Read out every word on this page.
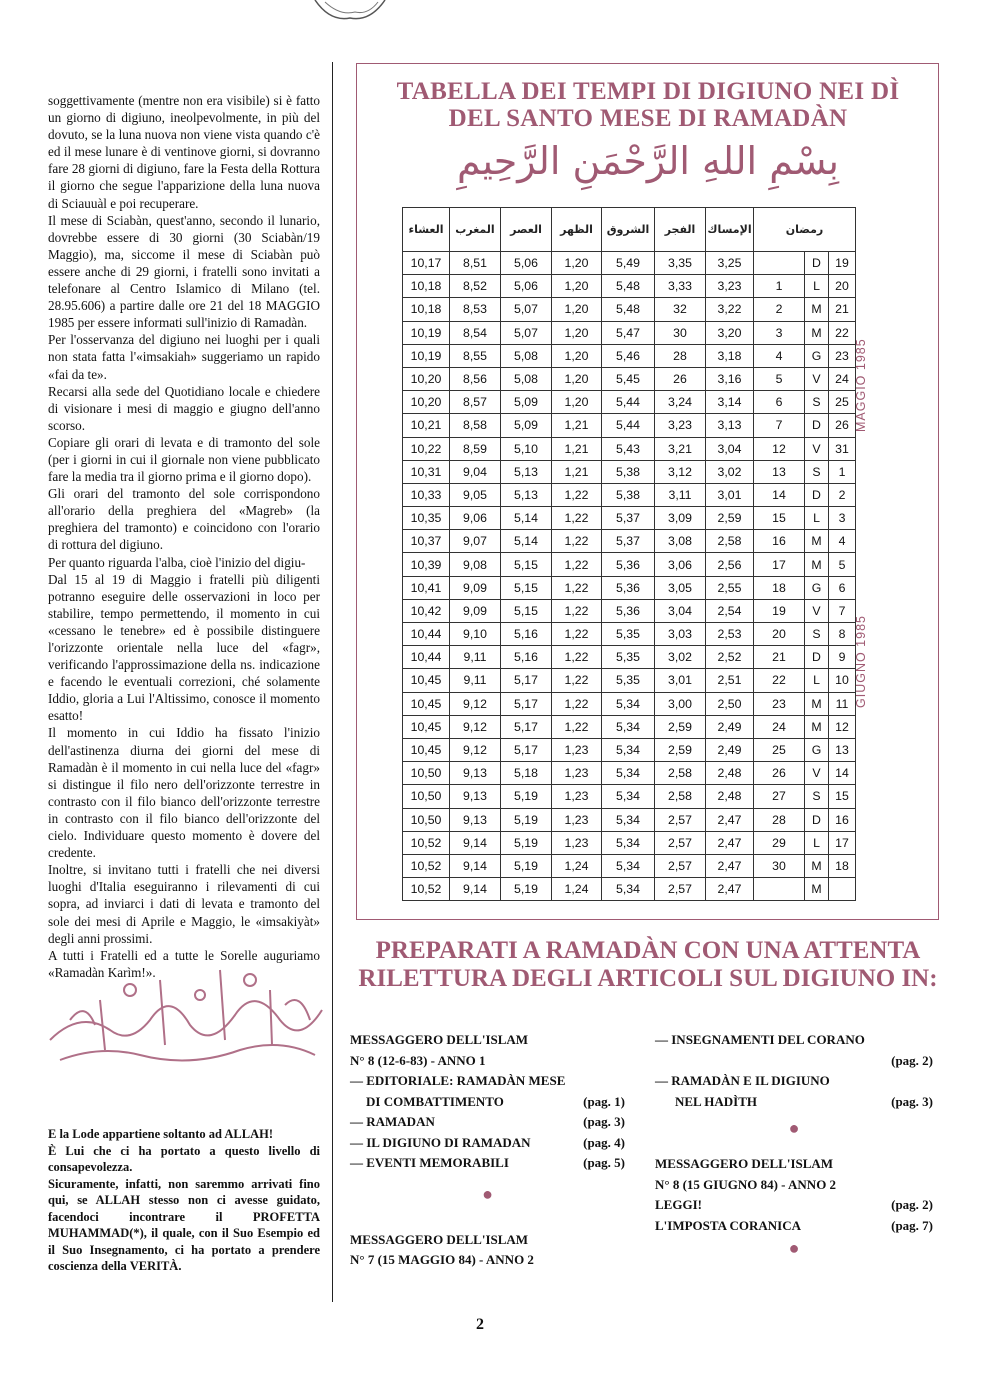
soggettivamente (mentre non era visibile) si è fatto un giorno di digiuno, ineolpevolmente, in più del dovuto, se la luna nuova non viene vista quando c'è ed il mese lunare è di ventinove giorni, si dovranno fare 28 giorni di digiuno, fare la Festa della Rottura il giorno che segue l'apparizione della luna nuova di Sciauuàl e poi recuperare.

Il mese di Sciabàn, quest'anno, secondo il lunario, dovrebbe essere di 30 giorni (30 Sciabàn/19 Maggio), ma, siccome il mese di Sciabàn può essere anche di 29 giorni, i fratelli sono invitati a telefonare al Centro Islamico di Milano (tel. 28.95.606) a partire dalle ore 21 del 18 MAGGIO 1985 per essere informati sull'inizio di Ramadàn.

Per l'osservanza del digiuno nei luoghi per i quali non stata fatta l'«imsakiah» suggeriamo un rapido «fai da te».

Recarsi alla sede del Quotidiano locale e chiedere di visionare i mesi di maggio e giugno dell'anno scorso.

Copiare gli orari di levata e di tramonto del sole (per i giorni in cui il giornale non viene pubblicato fare la media tra il giorno prima e il giorno dopo).

Gli orari del tramonto del sole corrispondono all'orario della preghiera del «Magreb» (la preghiera del tramonto) e coincidono con l'orario di rottura del digiuno.

Per quanto riguarda l'alba, cioè l'inizio del digiu-

Dal 15 al 19 di Maggio i fratelli più diligenti potranno eseguire delle osservazioni in loco per stabilire, tempo permettendo, il momento in cui «cessano le tenebre» ed è possibile distinguere l'orizzonte orientale nella luce del «fagr», verificando l'approssimazione della ns. indicazione e facendo le eventuali correzioni, ché solamente Iddio, gloria a Lui l'Altissimo, conosce il momento esatto!

Il momento in cui Iddio ha fissato l'inizio dell'astinenza diurna dei giorni del mese di Ramadàn è il momento in cui nella luce del «fagr» si distingue il filo nero dell'orizzonte terrestre in contrasto con il filo bianco dell'orizzonte terrestre in contrasto con il filo bianco dell'orizzonte del cielo. Individuare questo momento è dovere del credente.

Inoltre, si invitano tutti i fratelli che nei diversi luoghi d'Italia eseguiranno i rilevamenti di cui sopra, ad inviarci i dati di levata e tramonto del sole dei mesi di Aprile e Maggio, le «imsakiyàt» degli anni prossimi.

A tutti i Fratelli ed a tutte le Sorelle auguriamo «Ramadàn Karìm!».

E la Lode appartiene soltanto ad ALLAH!

È Lui che ci ha portato a questo livello di consapevolezza.

Sicuramente, infatti, non saremmo arrivati fino qui, se ALLAH stesso non ci avesse guidato, facendoci incontrare il PROFETTA MUHAMMAD(*), il quale, con il Suo Esempio ed il Suo Insegnamento, ci ha portato a prendere coscienza della VERITÀ.

TABELLA DEI TEMPI DI DIGIUNO NEI DÌ
DEL SANTO MESE DI RAMADÀN
بِسْمِ اللهِ الرَّحْمَنِ الرَّحِيمِ
العشاء	المغرب	العصر	الظهر	الشروق	الفجر	الإمساك	رمضان		
10,17	8,51	5,06	1,20	5,49	3,35	3,25		D	19
10,18	8,52	5,06	1,20	5,48	3,33	3,23	1	L	20
10,18	8,53	5,07	1,20	5,48	32	3,22	2	M	21
10,19	8,54	5,07	1,20	5,47	30	3,20	3	M	22
10,19	8,55	5,08	1,20	5,46	28	3,18	4	G	23
10,20	8,56	5,08	1,20	5,45	26	3,16	5	V	24
10,20	8,57	5,09	1,20	5,44	3,24	3,14	6	S	25
10,21	8,58	5,09	1,21	5,44	3,23	3,13	7	D	26
10,22	8,59	5,10	1,21	5,43	3,21	3,04	12	V	31
10,31	9,04	5,13	1,21	5,38	3,12	3,02	13	S	1
10,33	9,05	5,13	1,22	5,38	3,11	3,01	14	D	2
10,35	9,06	5,14	1,22	5,37	3,09	2,59	15	L	3
10,37	9,07	5,14	1,22	5,37	3,08	2,58	16	M	4
10,39	9,08	5,15	1,22	5,36	3,06	2,56	17	M	5
10,41	9,09	5,15	1,22	5,36	3,05	2,55	18	G	6
10,42	9,09	5,15	1,22	5,36	3,04	2,54	19	V	7
10,44	9,10	5,16	1,22	5,35	3,03	2,53	20	S	8
10,44	9,11	5,16	1,22	5,35	3,02	2,52	21	D	9
10,45	9,11	5,17	1,22	5,35	3,01	2,51	22	L	10
10,45	9,12	5,17	1,22	5,34	3,00	2,50	23	M	11
10,45	9,12	5,17	1,22	5,34	2,59	2,49	24	M	12
10,45	9,12	5,17	1,23	5,34	2,59	2,49	25	G	13
10,50	9,13	5,18	1,23	5,34	2,58	2,48	26	V	14
10,50	9,13	5,19	1,23	5,34	2,58	2,48	27	S	15
10,50	9,13	5,19	1,23	5,34	2,57	2,47	28	D	16
10,52	9,14	5,19	1,23	5,34	2,57	2,47	29	L	17
10,52	9,14	5,19	1,24	5,34	2,57	2,47	30	M	18
10,52	9,14	5,19	1,24	5,34	2,57	2,47		M	
MAGGIO 1985
GIUGNO 1985
PREPARATI A RAMADÀN CON UNA ATTENTA
RILETTURA DEGLI ARTICOLI SUL DIGIUNO IN:
MESSAGGERO DELL'ISLAM
N° 8 (12-6-83) - ANNO 1
— EDITORIALE: RAMADÀN MESE
DI COMBATTIMENTO	(pag. 1)
— RAMADAN	(pag. 3)
— IL DIGIUNO DI RAMADAN	(pag. 4)
— EVENTI MEMORABILI	(pag. 5)
●
MESSAGGERO DELL'ISLAM
N° 7 (15 MAGGIO 84) - ANNO 2
— INSEGNAMENTI DEL CORANO
(pag. 2)
— RAMADÀN E IL DIGIUNO
NEL HADÌTH	(pag. 3)
●
MESSAGGERO DELL'ISLAM
N° 8 (15 GIUGNO 84) - ANNO 2
LEGGI!	(pag. 2)
L'IMPOSTA CORANICA	(pag. 7)
●
2
